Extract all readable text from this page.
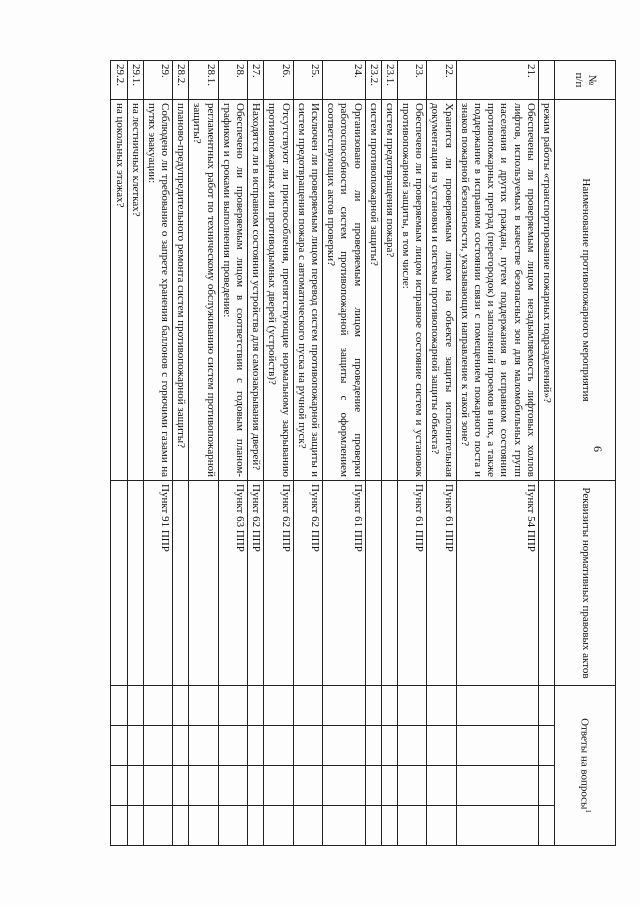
6
№
п/п	Наименование противопожарного мероприятия	Реквизиты нормативных правовых актов	Ответы на вопросы$^1$
	режим работы «транспортирование пожарных подразделений»?					
21.	Обеспечены ли проверяемым лицом незадымляемость лифтовых холлов лифтов, используемых в качестве безопасных зон для маломобильных групп населения и других граждан, путем поддержания в исправном состоянии противопожарных преград (перегородок) и заполнений проемов в них, а также поддержание в исправном состоянии связи с помещением пожарного поста и знаков пожарной безопасности, указывающих направление к такой зоне?	Пункт 54 ППР				
22.	Хранится ли проверяемым лицом на объекте защиты исполнительная документация на установки и системы противопожарной защиты объекта?	Пункт 61 ППР				
23.	Обеспечено ли проверяемым лицом исправное состояние систем и установок противопожарной защиты, в том числе:	Пункт 61 ППР				
23.1.	систем предотвращения пожара?					
23.2.	систем противопожарной защиты?					
24.	Организовано ли проверяемым лицом проведение проверки работоспособности систем противопожарной защиты с оформлением соответствующих актов проверки?	Пункт 61 ППР				
25.	Исключен ли проверяемым лицом перевод систем противопожарной защиты и систем предотвращения пожара с автоматического пуска на ручной пуск?	Пункт 62 ППР				
26.	Отсутствуют ли приспособления, препятствующие нормальному закрыванию противопожарных или противодымных дверей (устройств)?	Пункт 62 ППР				
27.	Находятся ли в исправном состоянии устройства для самозакрывания дверей?	Пункт 62 ППР				
28.	Обеспечено ли проверяемым лицом в соответствии с годовым планом-графиком и сроками выполнения проведение:	Пункт 63 ППР				
28.1.	регламентных работ по техническому обслуживанию систем противопожарной защиты?					
28.2.	планово-предупредительного ремонта систем противопожарной защиты?					
29.	Соблюдено ли требование о запрете хранения баллонов с горючими газами на путях эвакуации:	Пункт 91 ППР				
29.1.	на лестничных клетках?					
29.2.	на цокольных этажах?					
